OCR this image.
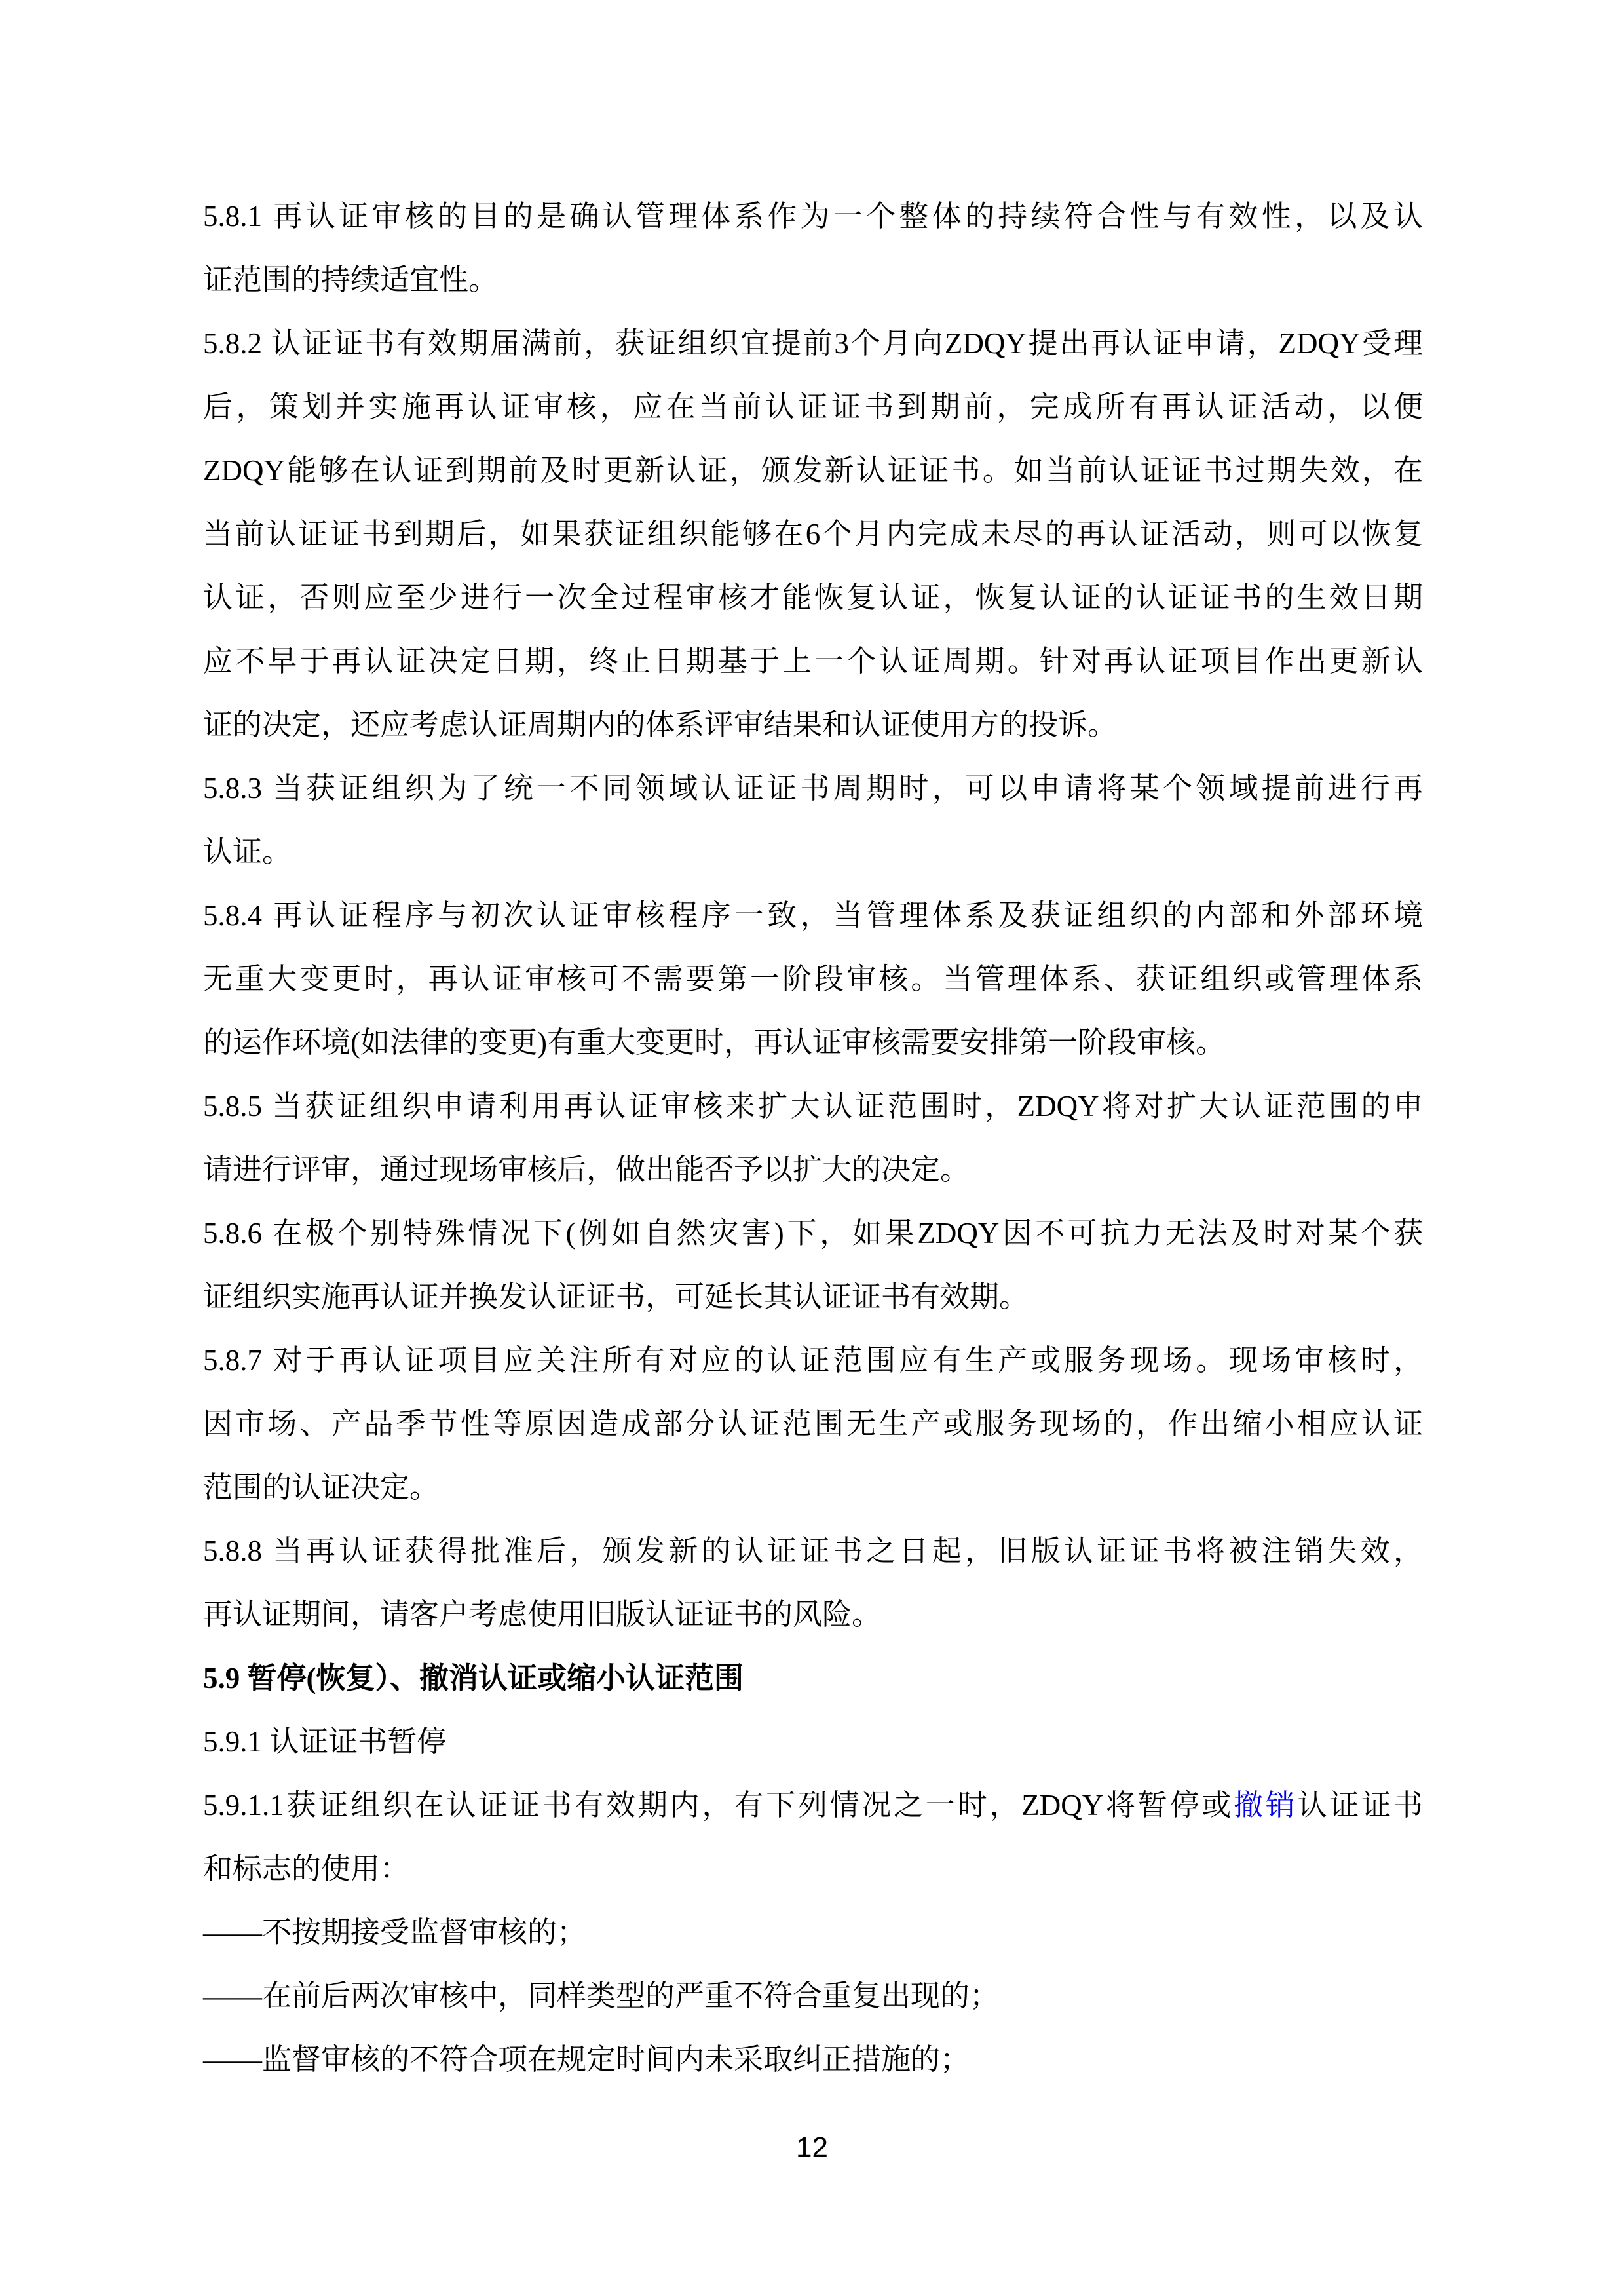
5.8.1 再认证审核的目的是确认管理体系作为一个整体的持续符合性与有效性，以及认
证范围的持续适宜性。
5.8.2 认证证书有效期届满前，获证组织宜提前3个月向ZDQY提出再认证申请，ZDQY受理
后，策划并实施再认证审核，应在当前认证证书到期前，完成所有再认证活动，以便
ZDQY能够在认证到期前及时更新认证，颁发新认证证书。如当前认证证书过期失效，在
当前认证证书到期后，如果获证组织能够在6个月内完成未尽的再认证活动，则可以恢复
认证，否则应至少进行一次全过程审核才能恢复认证，恢复认证的认证证书的生效日期
应不早于再认证决定日期，终止日期基于上一个认证周期。针对再认证项目作出更新认
证的决定，还应考虑认证周期内的体系评审结果和认证使用方的投诉。
5.8.3 当获证组织为了统一不同领域认证证书周期时，可以申请将某个领域提前进行再
认证。
5.8.4 再认证程序与初次认证审核程序一致，当管理体系及获证组织的内部和外部环境
无重大变更时，再认证审核可不需要第一阶段审核。当管理体系、获证组织或管理体系
的运作环境(如法律的变更)有重大变更时，再认证审核需要安排第一阶段审核。
5.8.5 当获证组织申请利用再认证审核来扩大认证范围时，ZDQY将对扩大认证范围的申
请进行评审，通过现场审核后，做出能否予以扩大的决定。
5.8.6 在极个别特殊情况下(例如自然灾害)下，如果ZDQY因不可抗力无法及时对某个获
证组织实施再认证并换发认证证书，可延长其认证证书有效期。
5.8.7 对于再认证项目应关注所有对应的认证范围应有生产或服务现场。现场审核时，
因市场、产品季节性等原因造成部分认证范围无生产或服务现场的，作出缩小相应认证
范围的认证决定。
5.8.8 当再认证获得批准后，颁发新的认证证书之日起，旧版认证证书将被注销失效，
再认证期间，请客户考虑使用旧版认证证书的风险。
5.9 暂停(恢复）、撤消认证或缩小认证范围
5.9.1 认证证书暂停
5.9.1.1获证组织在认证证书有效期内，有下列情况之一时，ZDQY将暂停或撤销认证证书
和标志的使用：
——不按期接受监督审核的；
——在前后两次审核中，同样类型的严重不符合重复出现的；
——监督审核的不符合项在规定时间内未采取纠正措施的；
12
